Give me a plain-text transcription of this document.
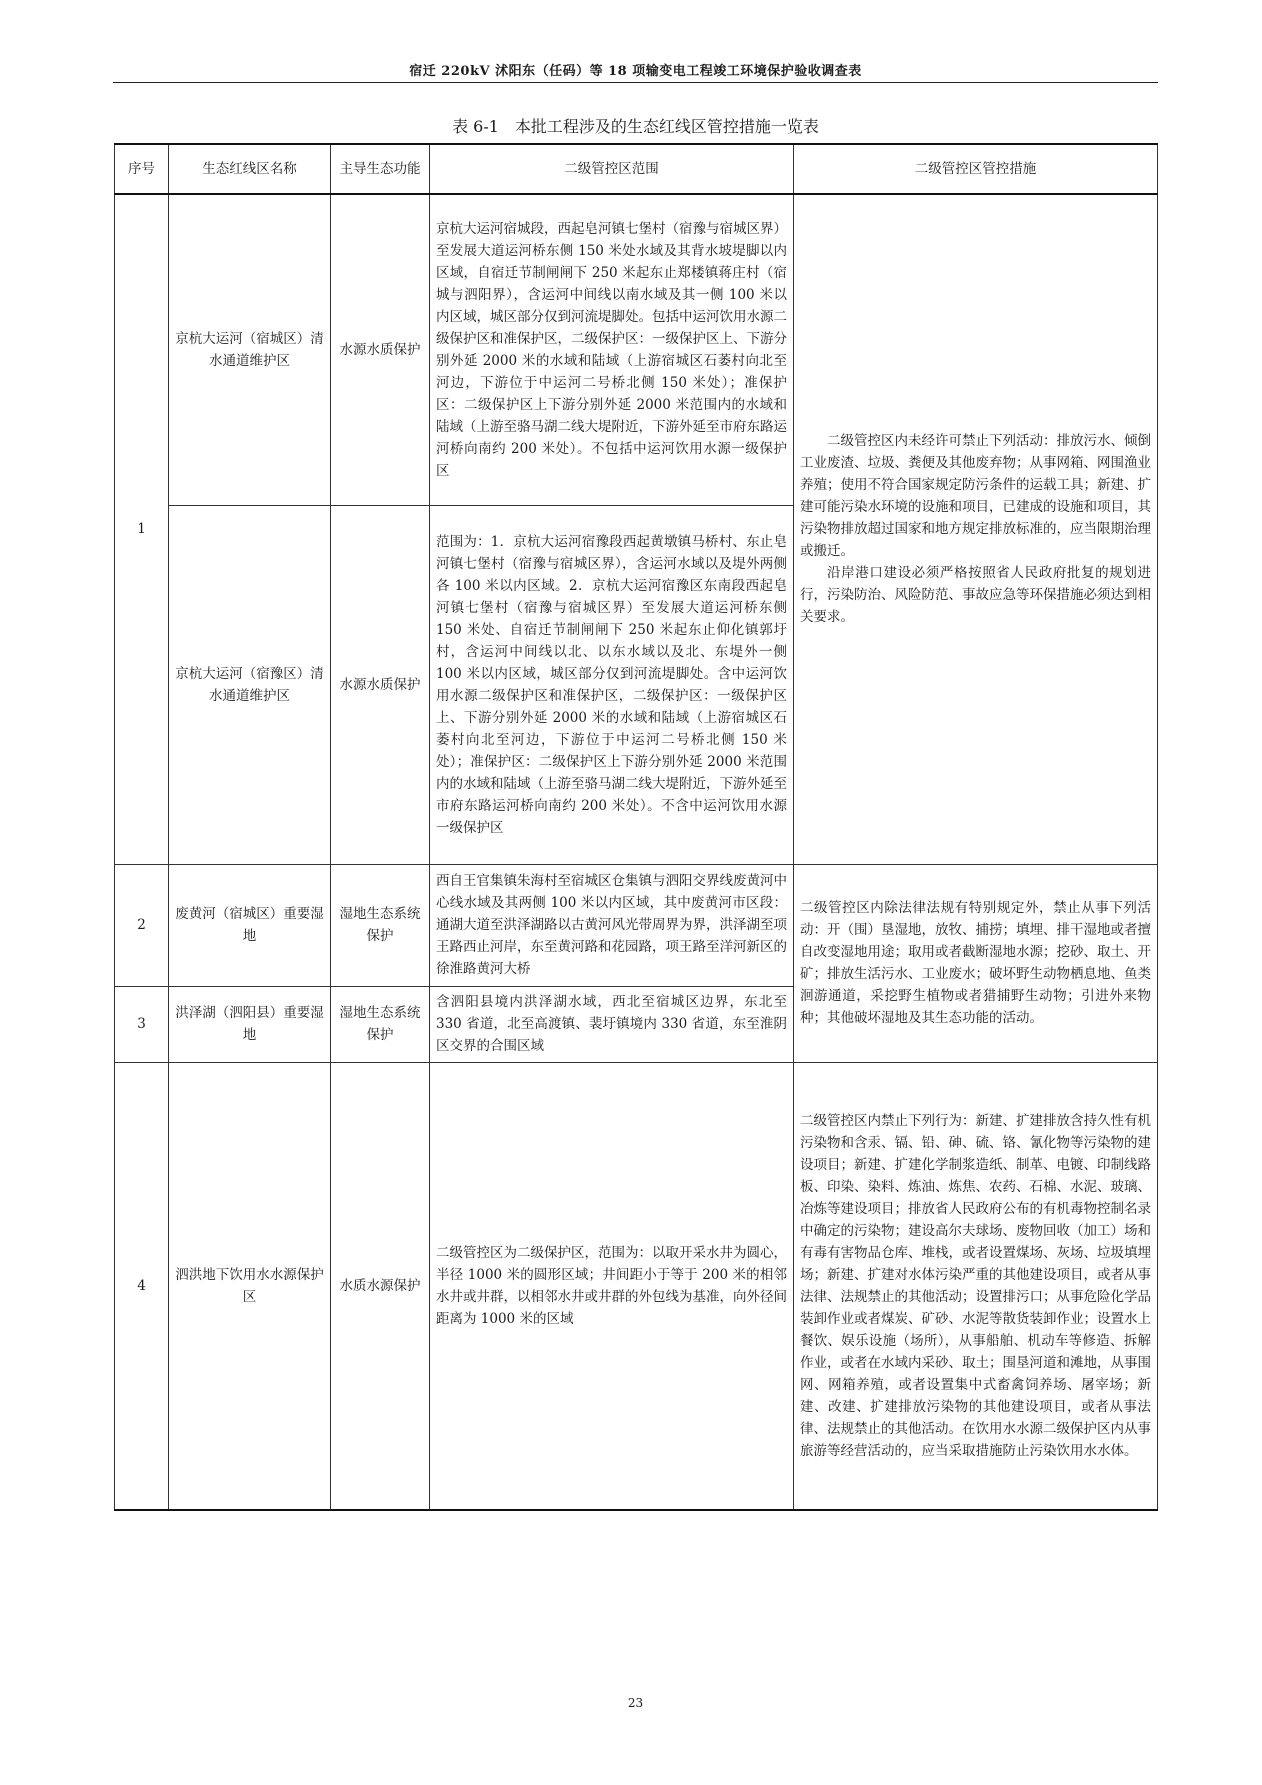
宿迁 220kV 沭阳东（任码）等 18 项输变电工程竣工环境保护验收调查表
表 6-1　本批工程涉及的生态红线区管控措施一览表
序号	生态红线区名称	主导生态功能	二级管控区范围	二级管控区管控措施
1	京杭大运河（宿城区）清水通道维护区	水源水质保护	京杭大运河宿城段，西起皂河镇七堡村（宿豫与宿城区界）至发展大道运河桥东侧 150 米处水域及其背水坡堤脚以内区域，自宿迁节制闸闸下 250 米起东止郑楼镇蒋庄村（宿城与泗阳界），含运河中间线以南水域及其一侧 100 米以内区域，城区部分仅到河流堤脚处。包括中运河饮用水源二级保护区和准保护区，二级保护区：一级保护区上、下游分别外延 2000 米的水域和陆域（上游宿城区石萎村向北至河边，下游位于中运河二号桥北侧 150 米处）；准保护区：二级保护区上下游分别外延 2000 米范围内的水域和陆域（上游至骆马湖二线大堤附近，下游外延至市府东路运河桥向南约 200 米处）。不包括中运河饮用水源一级保护区	二级管控区内未经许可禁止下列活动：排放污水、倾倒工业废渣、垃圾、粪便及其他废弃物；从事网箱、网围渔业养殖；使用不符合国家规定防污条件的运载工具；新建、扩建可能污染水环境的设施和项目，已建成的设施和项目，其污染物排放超过国家和地方规定排放标准的，应当限期治理或搬迁。

沿岸港口建设必须严格按照省人民政府批复的规划进行，污染防治、风险防范、事故应急等环保措施必须达到相关要求。

	京杭大运河（宿豫区）清水通道维护区	水源水质保护	范围为：1．京杭大运河宿豫段西起黄墩镇马桥村、东止皂河镇七堡村（宿豫与宿城区界），含运河水域以及堤外两侧各 100 米以内区域。2．京杭大运河宿豫区东南段西起皂河镇七堡村（宿豫与宿城区界）至发展大道运河桥东侧 150 米处、自宿迁节制闸闸下 250 米起东止仰化镇郭圩村，含运河中间线以北、以东水域以及北、东堤外一侧 100 米以内区域，城区部分仅到河流堤脚处。含中运河饮用水源二级保护区和准保护区，二级保护区：一级保护区上、下游分别外延 2000 米的水域和陆域（上游宿城区石萎村向北至河边，下游位于中运河二号桥北侧 150 米处）；准保护区：二级保护区上下游分别外延 2000 米范围内的水域和陆域（上游至骆马湖二线大堤附近，下游外延至市府东路运河桥向南约 200 米处）。不含中运河饮用水源一级保护区	
2	废黄河（宿城区）重要湿地	湿地生态系统保护	西自王官集镇朱海村至宿城区仓集镇与泗阳交界线废黄河中心线水域及其两侧 100 米以内区域，其中废黄河市区段：通湖大道至洪泽湖路以古黄河风光带周界为界，洪泽湖至项王路西止河岸，东至黄河路和花园路，项王路至洋河新区的徐淮路黄河大桥	二级管控区内除法律法规有特别规定外，禁止从事下列活动：开（围）垦湿地，放牧、捕捞；填埋、排干湿地或者擅自改变湿地用途；取用或者截断湿地水源；挖砂、取土、开矿；排放生活污水、工业废水；破坏野生动物栖息地、鱼类洄游通道，采挖野生植物或者猎捕野生动物；引进外来物种；其他破坏湿地及其生态功能的活动。
3	洪泽湖（泗阳县）重要湿地	湿地生态系统保护	含泗阳县境内洪泽湖水域，西北至宿城区边界，东北至 330 省道，北至高渡镇、裴圩镇境内 330 省道，东至淮阴区交界的合围区域	
4	泗洪地下饮用水水源保护区	水质水源保护	二级管控区为二级保护区，范围为：以取开采水井为圆心，半径 1000 米的圆形区域；井间距小于等于 200 米的相邻水井或井群，以相邻水井或井群的外包线为基准，向外径间距离为 1000 米的区域	二级管控区内禁止下列行为：新建、扩建排放含持久性有机污染物和含汞、镉、铅、砷、硫、铬、氰化物等污染物的建设项目；新建、扩建化学制浆造纸、制革、电镀、印制线路板、印染、染料、炼油、炼焦、农药、石棉、水泥、玻璃、冶炼等建设项目；排放省人民政府公布的有机毒物控制名录中确定的污染物；建设高尔夫球场、废物回收（加工）场和有毒有害物品仓库、堆栈，或者设置煤场、灰场、垃圾填埋场；新建、扩建对水体污染严重的其他建设项目，或者从事法律、法规禁止的其他活动；设置排污口；从事危险化学品装卸作业或者煤炭、矿砂、水泥等散货装卸作业；设置水上餐饮、娱乐设施（场所），从事船舶、机动车等修造、拆解作业，或者在水域内采砂、取土；围垦河道和滩地，从事围网、网箱养殖，或者设置集中式畜禽饲养场、屠宰场；新建、改建、扩建排放污染物的其他建设项目，或者从事法律、法规禁止的其他活动。在饮用水水源二级保护区内从事旅游等经营活动的，应当采取措施防止污染饮用水水体。
23
